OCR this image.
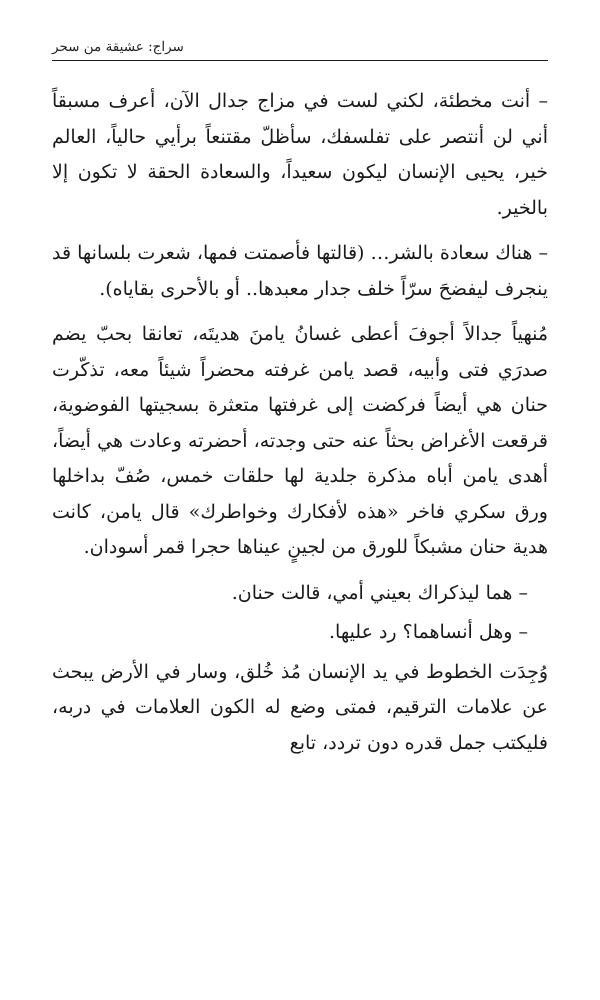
سراج: عشيقة من سحر

– أنت مخطئة، لكني لست في مزاج جدال الآن، أعرف مسبقاً أني لن أنتصر على تفلسفك، سأظلّ مقتنعاً برأيي حالياً، العالم خير، يحيى الإنسان ليكون سعيداً، والسعادة الحقة لا تكون إلا بالخير.

– هناك سعادة بالشر… (قالتها فأصمتت فمها، شعرت بلسانها قد ينجرف ليفضحَ سرّاً خلف جدار معبدها.. أو بالأحرى بقاياه).

مُنهياً جدالاً أجوفَ أعطى غسانُ يامنَ هديتَه، تعانقا بحبّ يضم صدرَي فتى وأبيه، قصد يامن غرفته محضراً شيئاً معه، تذكّرت حنان هي أيضاً فركضت إلى غرفتها متعثرة بسجيتها الفوضوية، قرقعت الأغراض بحثاً عنه حتى وجدته، أحضرته وعادت هي أيضاً، أهدى يامن أباه مذكرة جلدية لها حلقات خمس، صُفّ بداخلها ورق سكري فاخر «هذه لأفكارك وخواطرك» قال يامن، كانت هدية حنان مشبكاً للورق من لجينٍ عيناها حجرا قمر أسودان.

– هما ليذكراك بعيني أمي، قالت حنان.

– وهل أنساهما؟ رد عليها.

وُجِدَت الخطوط في يد الإنسان مُذ خُلق، وسار في الأرض يبحث عن علامات الترقيم، فمتى وضع له الكون العلامات في دربه، فليكتب جمل قدره دون تردد، تابع
